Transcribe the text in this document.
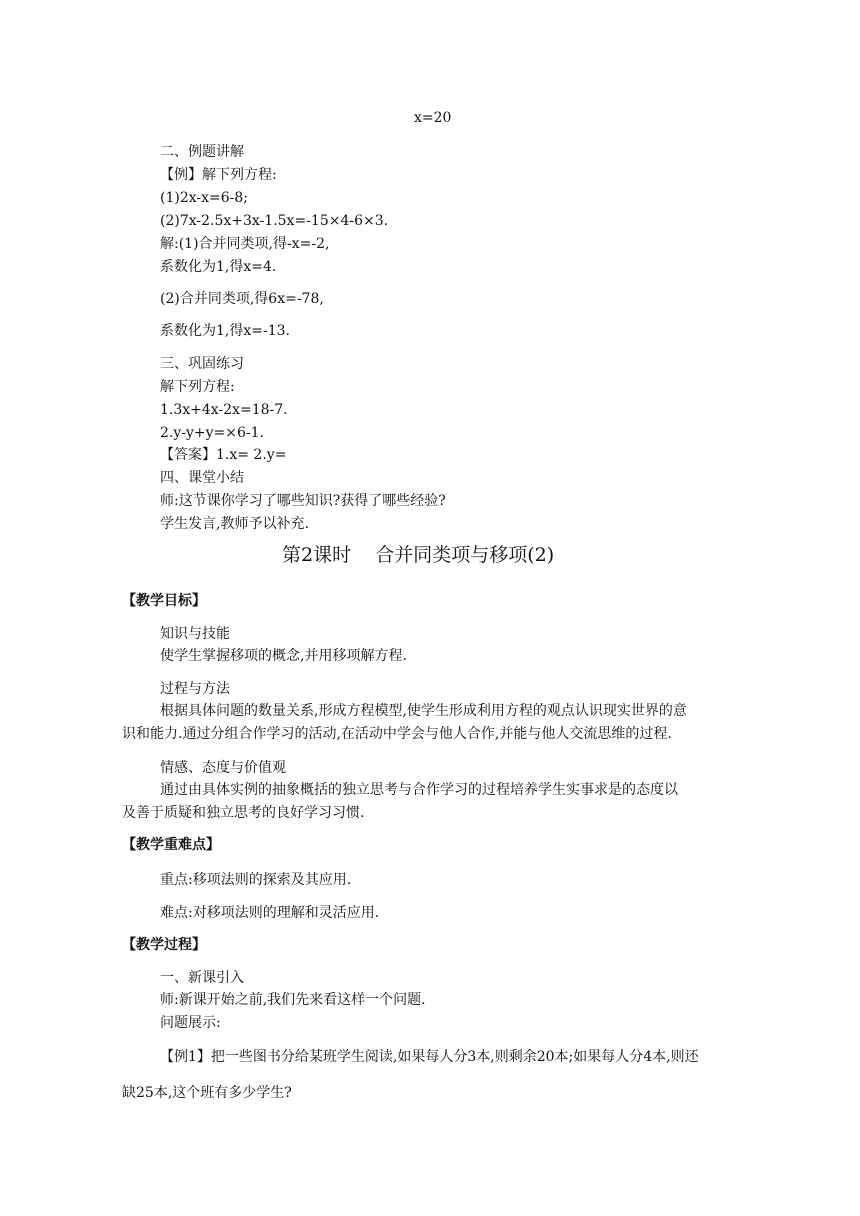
x=20
二、例题讲解
【例】解下列方程:
(1)2x-x=6-8;
(2)7x-2.5x+3x-1.5x=-15×4-6×3.
解:(1)合并同类项,得-x=-2,
系数化为1,得x=4.
(2)合并同类项,得6x=-78,
系数化为1,得x=-13.
三、巩固练习
解下列方程:
1.3x+4x-2x=18-7.
2.y-y+y=×6-1.
【答案】1.x= 2.y=
四、课堂小结
师:这节课你学习了哪些知识?获得了哪些经验?
学生发言,教师予以补充.
第2课时    合并同类项与移项(2)
【教学目标】
知识与技能
使学生掌握移项的概念,并用移项解方程.
过程与方法
根据具体问题的数量关系,形成方程模型,使学生形成利用方程的观点认识现实世界的意
识和能力.通过分组合作学习的活动,在活动中学会与他人合作,并能与他人交流思维的过程.
情感、态度与价值观
通过由具体实例的抽象概括的独立思考与合作学习的过程培养学生实事求是的态度以
及善于质疑和独立思考的良好学习习惯.
【教学重难点】
重点:移项法则的探索及其应用.
难点:对移项法则的理解和灵活应用.
【教学过程】
一、新课引入
师:新课开始之前,我们先来看这样一个问题.
问题展示:
【例1】把一些图书分给某班学生阅读,如果每人分3本,则剩余20本;如果每人分4本,则还
缺25本,这个班有多少学生?
